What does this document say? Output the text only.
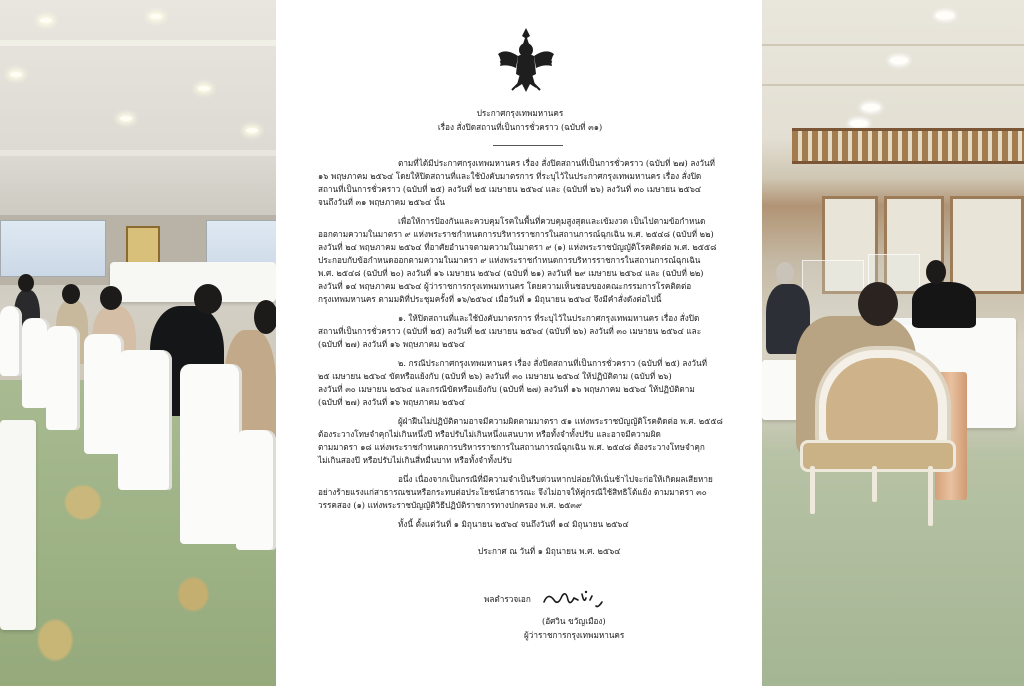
ประกาศกรุงเทพมหานคร
เรื่อง สั่งปิดสถานที่เป็นการชั่วคราว (ฉบับที่ ๓๑)
ตามที่ได้มีประกาศกรุงเทพมหานคร เรื่อง สั่งปิดสถานที่เป็นการชั่วคราว (ฉบับที่ ๒๗) ลงวันที่
๑๖ พฤษภาคม ๒๕๖๔ โดยให้ปิดสถานที่และใช้บังคับมาตรการ ที่ระบุไว้ในประกาศกรุงเทพมหานคร เรื่อง สั่งปิด
สถานที่เป็นการชั่วคราว (ฉบับที่ ๒๕) ลงวันที่ ๒๕ เมษายน ๒๕๖๔ และ (ฉบับที่ ๒๖) ลงวันที่ ๓๐ เมษายน ๒๕๖๔
จนถึงวันที่ ๓๑ พฤษภาคม ๒๕๖๔ นั้น
เพื่อให้การป้องกันและควบคุมโรคในพื้นที่ควบคุมสูงสุดและเข้มงวด เป็นไปตามข้อกำหนด
ออกตามความในมาตรา ๙ แห่งพระราชกำหนดการบริหารราชการในสถานการณ์ฉุกเฉิน พ.ศ. ๒๕๔๘ (ฉบับที่ ๒๒)
ลงวันที่ ๒๔ พฤษภาคม ๒๕๖๔ ที่อาศัยอำนาจตามความในมาตรา ๙ (๑) แห่งพระราชบัญญัติโรคติดต่อ พ.ศ. ๒๕๕๘
ประกอบกับข้อกำหนดออกตามความในมาตรา ๙ แห่งพระราชกำหนดการบริหารราชการในสถานการณ์ฉุกเฉิน
พ.ศ. ๒๕๔๘ (ฉบับที่ ๒๐) ลงวันที่ ๑๖ เมษายน ๒๕๖๔ (ฉบับที่ ๒๑) ลงวันที่ ๒๙ เมษายน ๒๕๖๔ และ (ฉบับที่ ๒๒)
ลงวันที่ ๑๔ พฤษภาคม ๒๕๖๔ ผู้ว่าราชการกรุงเทพมหานคร โดยความเห็นชอบของคณะกรรมการโรคติดต่อ
กรุงเทพมหานคร ตามมติที่ประชุมครั้งที่ ๑๖/๒๕๖๔ เมื่อวันที่ ๑ มิถุนายน ๒๕๖๔ จึงมีคำสั่งดังต่อไปนี้
๑. ให้ปิดสถานที่และใช้บังคับมาตรการ ที่ระบุไว้ในประกาศกรุงเทพมหานคร เรื่อง สั่งปิด
สถานที่เป็นการชั่วคราว (ฉบับที่ ๒๕) ลงวันที่ ๒๕ เมษายน ๒๕๖๔ (ฉบับที่ ๒๖) ลงวันที่ ๓๐ เมษายน ๒๕๖๔ และ
(ฉบับที่ ๒๗) ลงวันที่ ๑๖ พฤษภาคม ๒๕๖๔
๒. กรณีประกาศกรุงเทพมหานคร เรื่อง สั่งปิดสถานที่เป็นการชั่วคราว (ฉบับที่ ๒๕) ลงวันที่
๒๕ เมษายน ๒๕๖๔ ขัดหรือแย้งกับ (ฉบับที่ ๒๖) ลงวันที่ ๓๐ เมษายน ๒๕๖๔ ให้ปฏิบัติตาม (ฉบับที่ ๒๖)
ลงวันที่ ๓๐ เมษายน ๒๕๖๔ และกรณีขัดหรือแย้งกับ (ฉบับที่ ๒๗) ลงวันที่ ๑๖ พฤษภาคม ๒๕๖๔ ให้ปฏิบัติตาม
(ฉบับที่ ๒๗) ลงวันที่ ๑๖ พฤษภาคม ๒๕๖๔
ผู้ฝ่าฝืนไม่ปฏิบัติตามอาจมีความผิดตามมาตรา ๕๑ แห่งพระราชบัญญัติโรคติดต่อ พ.ศ. ๒๕๕๘
ต้องระวางโทษจำคุกไม่เกินหนึ่งปี หรือปรับไม่เกินหนึ่งแสนบาท หรือทั้งจำทั้งปรับ และอาจมีความผิด
ตามมาตรา ๑๘ แห่งพระราชกำหนดการบริหารราชการในสถานการณ์ฉุกเฉิน พ.ศ. ๒๕๔๘ ต้องระวางโทษจำคุก
ไม่เกินสองปี หรือปรับไม่เกินสี่หมื่นบาท หรือทั้งจำทั้งปรับ
อนึ่ง เนื่องจากเป็นกรณีที่มีความจำเป็นรีบด่วนหากปล่อยให้เนิ่นช้าไปจะก่อให้เกิดผลเสียหาย
อย่างร้ายแรงแก่สาธารณชนหรือกระทบต่อประโยชน์สาธารณะ จึงไม่อาจให้คู่กรณีใช้สิทธิโต้แย้ง ตามมาตรา ๓๐
วรรคสอง (๑) แห่งพระราชบัญญัติวิธีปฏิบัติราชการทางปกครอง พ.ศ. ๒๕๓๙
ทั้งนี้ ตั้งแต่วันที่ ๑ มิถุนายน ๒๕๖๔ จนถึงวันที่ ๑๔ มิถุนายน ๒๕๖๔
ประกาศ ณ วันที่ ๑ มิถุนายน พ.ศ. ๒๕๖๔
พลตำรวจเอก
(อัศวิน ขวัญเมือง)
ผู้ว่าราชการกรุงเทพมหานคร
